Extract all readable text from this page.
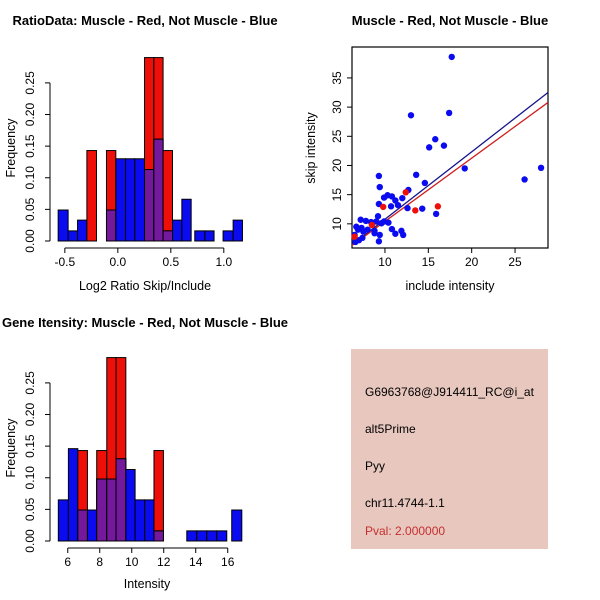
RatioData: Muscle - Red, Not Muscle - Blue
-0.5	0.0	0.5	1.0
0.00
0.05
0.10
0.15
0.20
0.25
Log2 Ratio Skip/Include
Frequency
Muscle - Red, Not Muscle - Blue
10	15	20	25
10
15
20
25
30
35
include intensity
skip intensity
Gene Itensity: Muscle - Red, Not Muscle - Blue
6 8 10 12 14 16
0.00
0.05
0.10
0.15
0.20
0.25
Intensity
Frequency
G6963768@J914411_RC@i_at
alt5Prime
Pyy
chr11.4744-1.1
Pval: 2.000000
